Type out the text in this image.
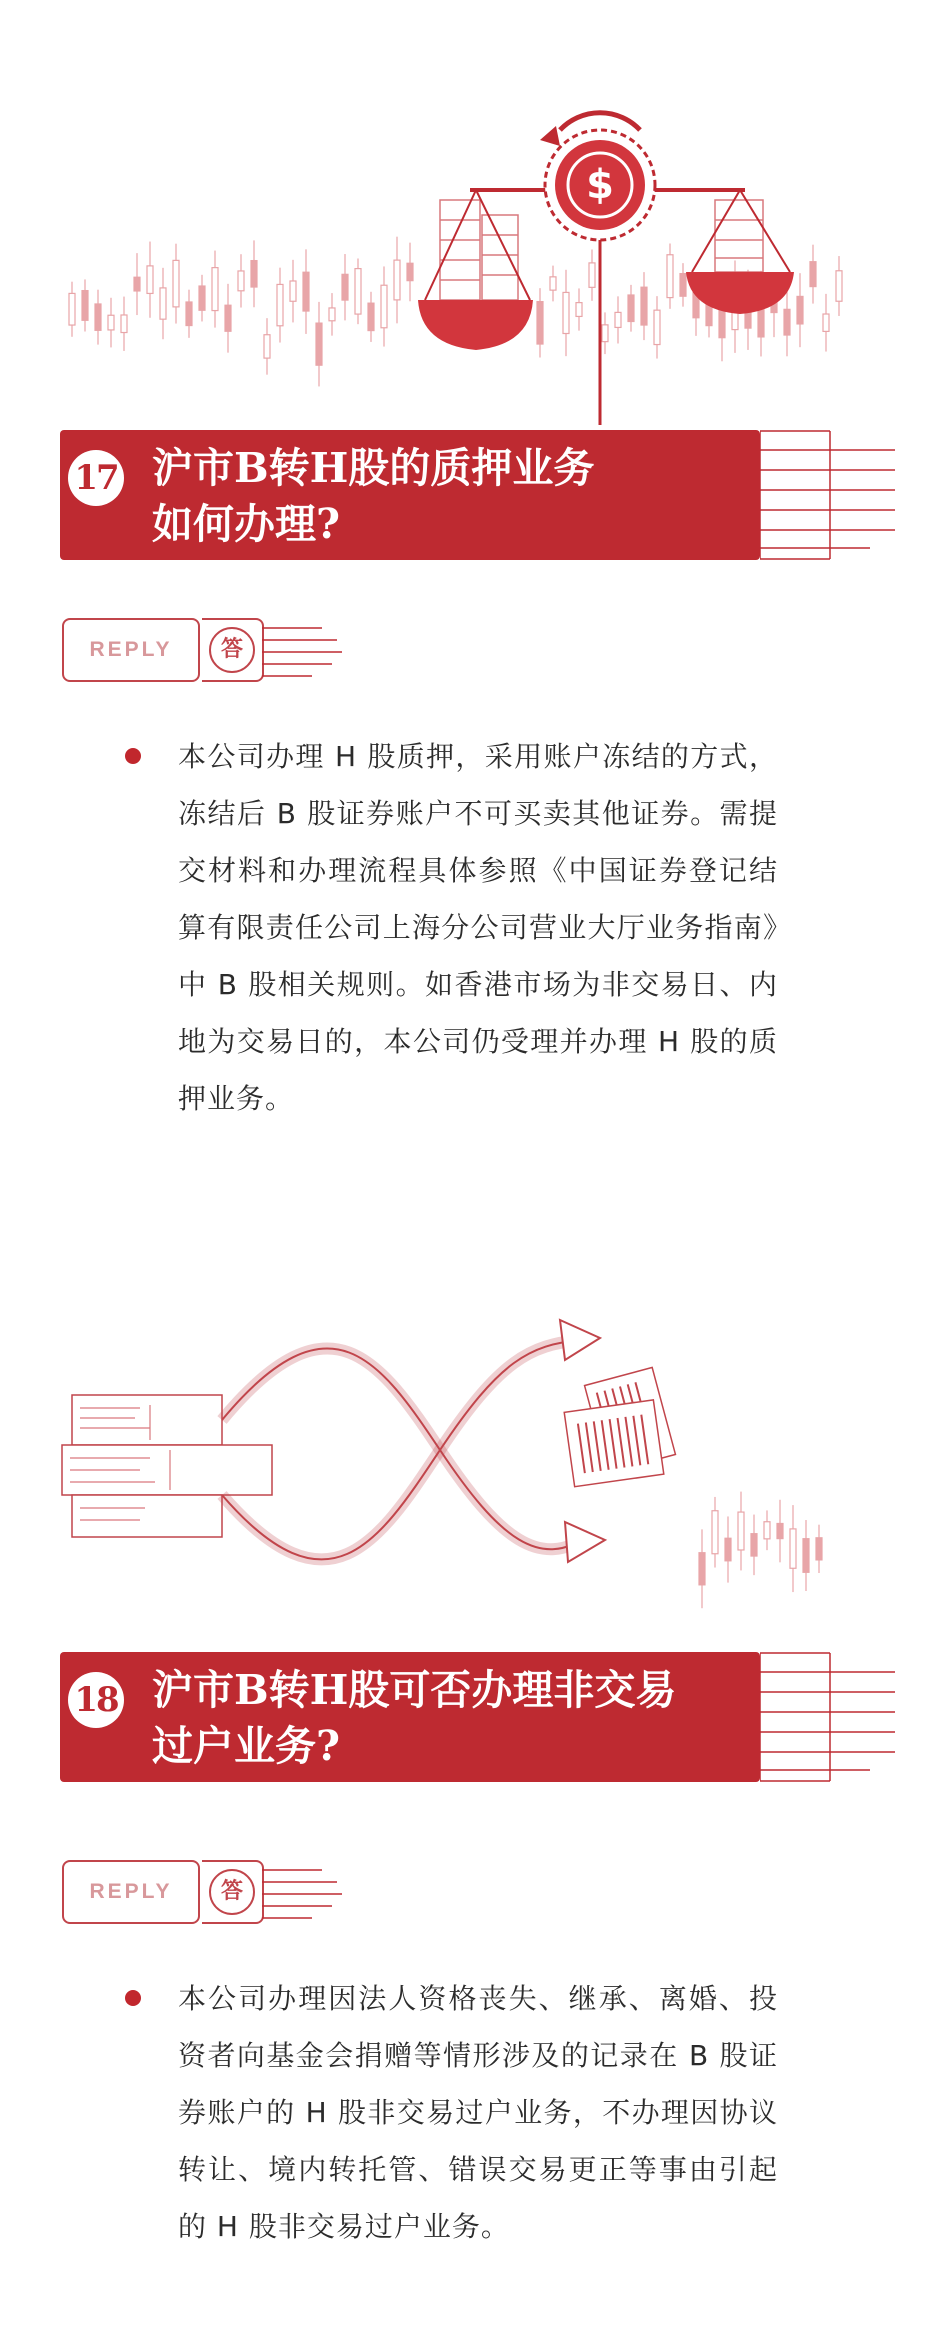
$
17 沪市B转H股的质押业务
如何办理?
REPLY	答
本公司办理 H 股质押，采用账户冻结的方式，冻结后 B 股证券账户不可买卖其他证券。需提交材料和办理流程具体参照《中国证券登记结算有限责任公司上海分公司营业大厅业务指南》中 B 股相关规则。如香港市场为非交易日、内地为交易日的，本公司仍受理并办理 H 股的质押业务。
18 沪市B转H股可否办理非交易
过户业务?
REPLY	答
本公司办理因法人资格丧失、继承、离婚、投资者向基金会捐赠等情形涉及的记录在 B 股证券账户的 H 股非交易过户业务，不办理因协议转让、境内转托管、错误交易更正等事由引起的 H 股非交易过户业务。
